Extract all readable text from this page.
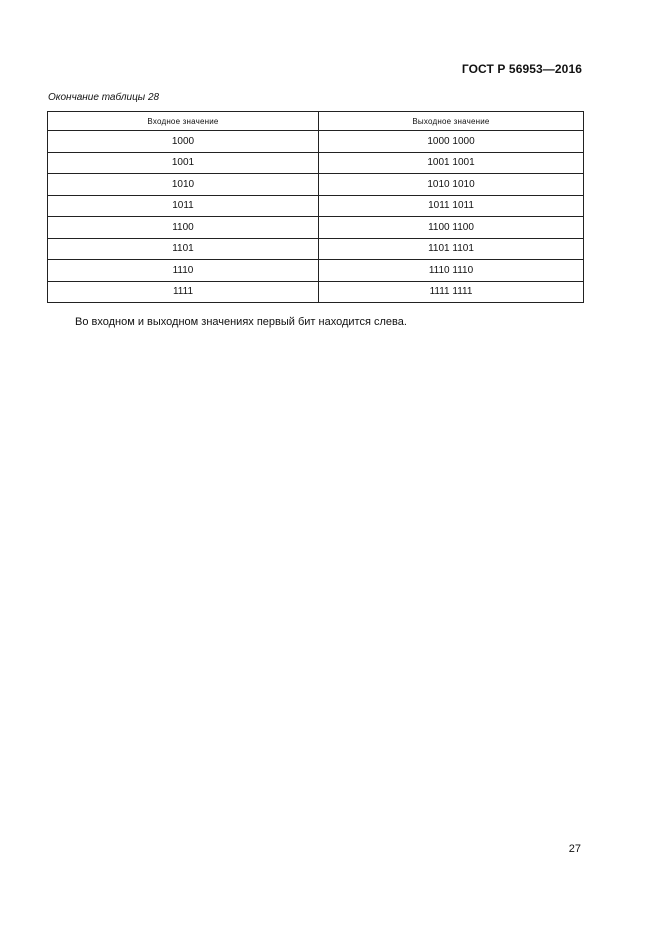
ГОСТ Р 56953—2016
Окончание таблицы 28
Входное значение	Выходное значение
1000	1000 1000
1001	1001 1001
1010	1010 1010
1011	1011 1011
1100	1100 1100
1101	1101 1101
1110	1110 1110
1111	1111 1111
Во входном и выходном значениях первый бит находится слева.
27
